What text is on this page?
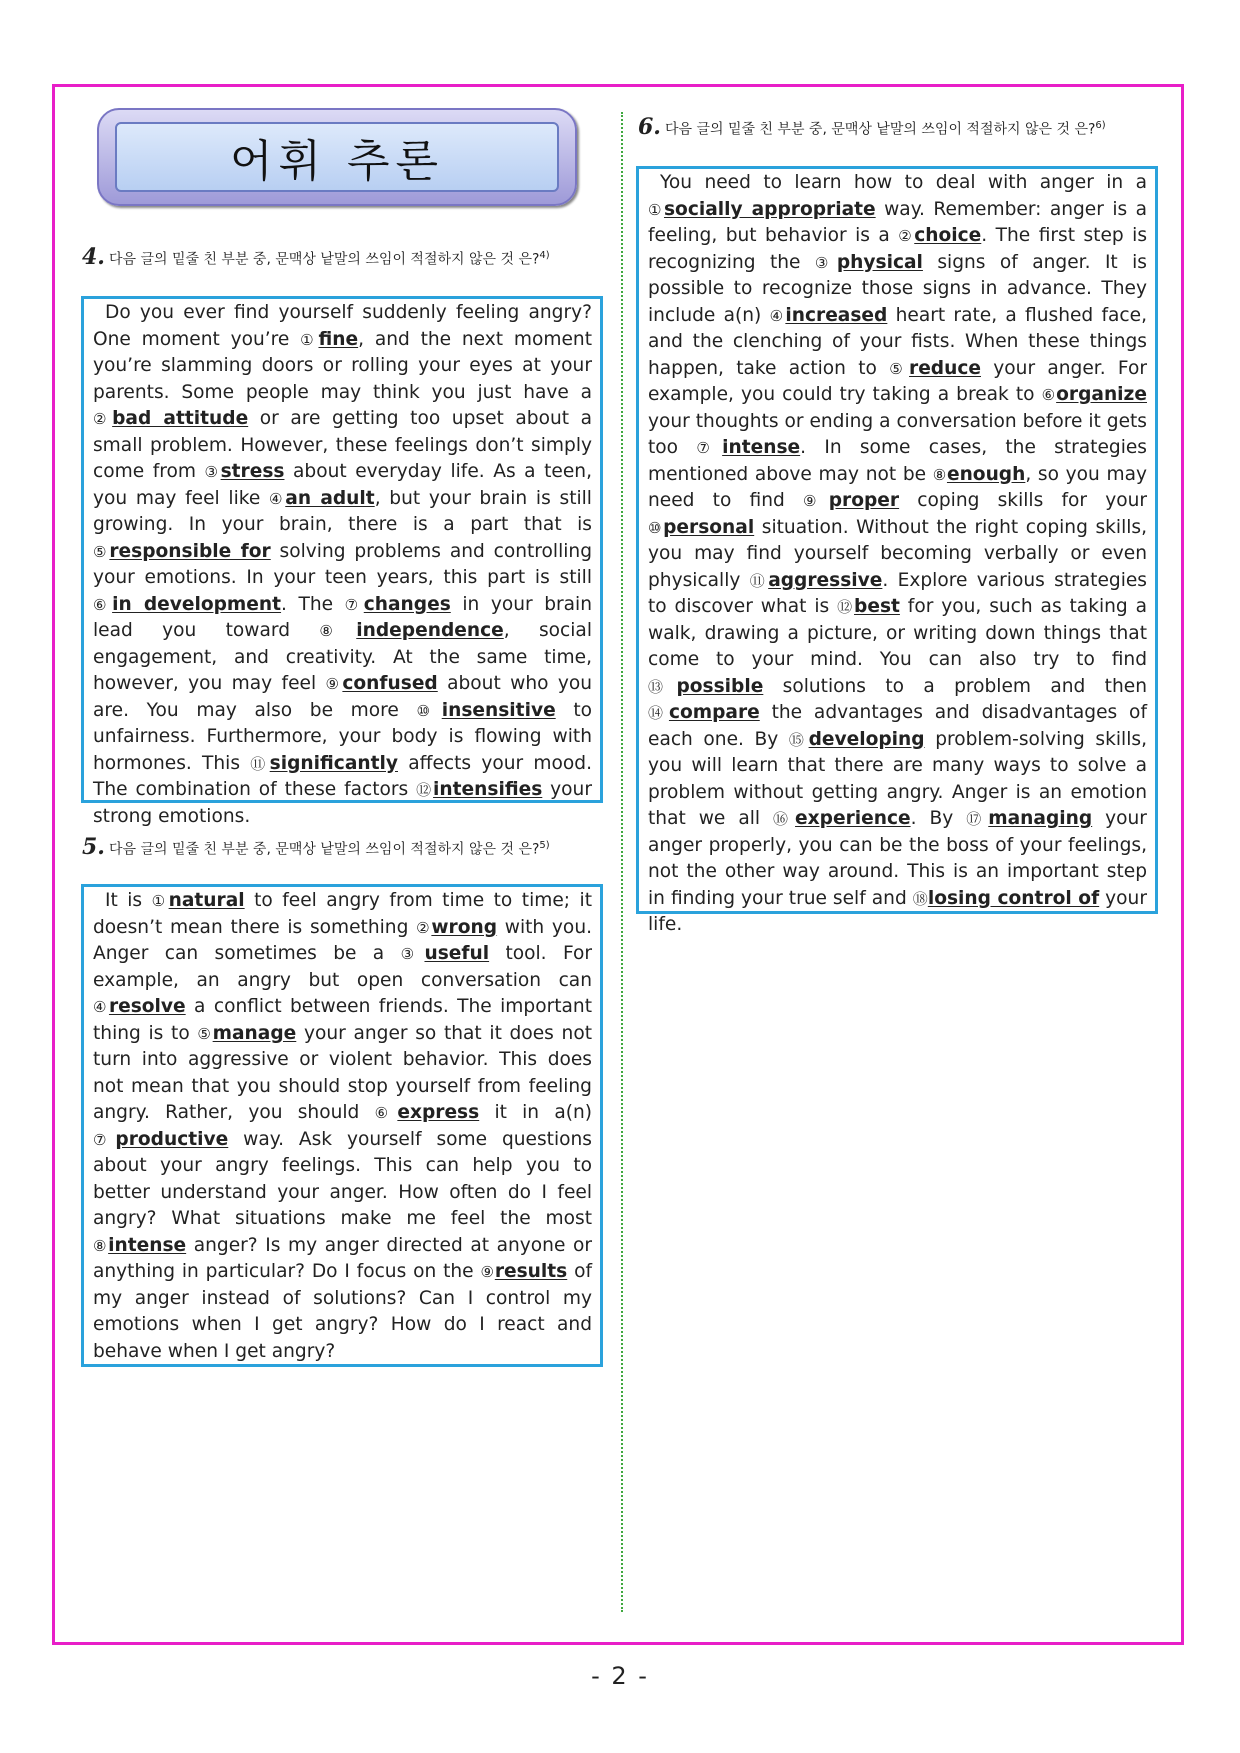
어휘 추론
4. 다음 글의 밑줄 친 부분 중, 문맥상 낱말의 쓰임이 적절하지 않은 것 은?$^{4)}$

Do you ever find yourself suddenly feeling angry? One moment you’re ①fine, and the next moment you’re slamming doors or rolling your eyes at your parents. Some people may think you just have a ②bad attitude or are getting too upset about a small problem. However, these feelings don’t simply come from ③stress about everyday life. As a teen, you may feel like ④an adult, but your brain is still growing. In your brain, there is a part that is ⑤responsible for solving problems and controlling your emotions. In your teen years, this part is still ⑥in development. The ⑦changes in your brain lead you toward ⑧independence, social engagement, and creativity. At the same time, however, you may feel ⑨confused about who you are. You may also be more ⑩insensitive to unfairness. Furthermore, your body is flowing with hormones. This ⑪significantly affects your mood. The combination of these factors ⑫intensifies your strong emotions.

5. 다음 글의 밑줄 친 부분 중, 문맥상 낱말의 쓰임이 적절하지 않은 것 은?$^{5)}$

It is ①natural to feel angry from time to time; it doesn’t mean there is something ②wrong with you. Anger can sometimes be a ③useful tool. For example, an angry but open conversation can ④resolve a conflict between friends. The important thing is to ⑤manage your anger so that it does not turn into aggressive or violent behavior. This does not mean that you should stop yourself from feeling angry. Rather, you should ⑥express it in a(n) ⑦productive way. Ask yourself some questions about your angry feelings. This can help you to better understand your anger. How often do I feel angry? What situations make me feel the most ⑧intense anger? Is my anger directed at anyone or anything in particular? Do I focus on the ⑨results of my anger instead of solutions? Can I control my emotions when I get angry? How do I react and behave when I get angry?

6. 다음 글의 밑줄 친 부분 중, 문맥상 낱말의 쓰임이 적절하지 않은 것 은?$^{6)}$

You need to learn how to deal with anger in a ①socially appropriate way. Remember: anger is a feeling, but behavior is a ②choice. The first step is recognizing the ③physical signs of anger. It is possible to recognize those signs in advance. They include a(n) ④increased heart rate, a flushed face, and the clenching of your fists. When these things happen, take action to ⑤reduce your anger. For example, you could try taking a break to ⑥organize your thoughts or ending a conversation before it gets too ⑦intense. In some cases, the strategies mentioned above may not be ⑧enough, so you may need to find ⑨proper coping skills for your ⑩personal situation. Without the right coping skills, you may find yourself becoming verbally or even physically ⑪aggressive. Explore various strategies to discover what is ⑫best for you, such as taking a walk, drawing a picture, or writing down things that come to your mind. You can also try to find ⑬possible solutions to a problem and then ⑭compare the advantages and disadvantages of each one. By ⑮developing problem-solving skills, you will learn that there are many ways to solve a problem without getting angry. Anger is an emotion that we all ⑯experience. By ⑰managing your anger properly, you can be the boss of your feelings, not the other way around. This is an important step in finding your true self and ⑱losing control of your life.

- 2 -
